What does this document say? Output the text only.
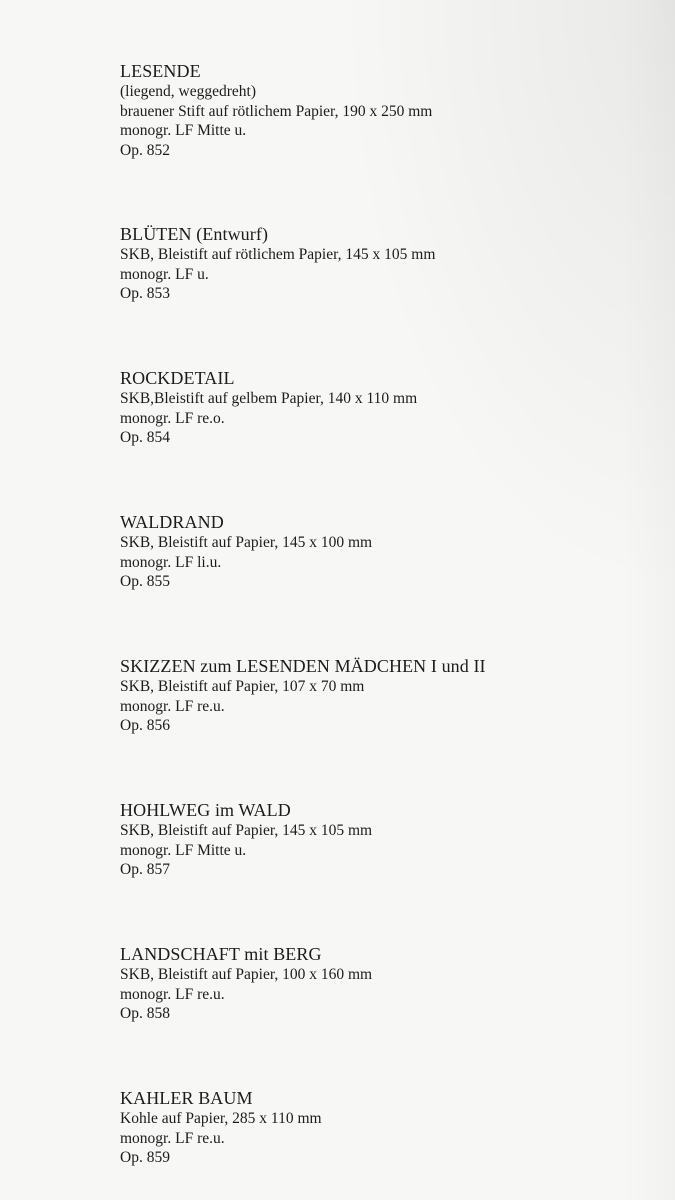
LESENDE
(liegend, weggedreht)
brauener Stift auf rötlichem Papier, 190 x 250 mm
monogr. LF Mitte u.
Op. 852
BLÜTEN (Entwurf)
SKB, Bleistift auf rötlichem Papier, 145 x 105 mm
monogr. LF u.
Op. 853
ROCKDETAIL
SKB,Bleistift auf gelbem Papier, 140 x 110 mm
monogr. LF re.o.
Op. 854
WALDRAND
SKB, Bleistift auf Papier, 145 x 100 mm
monogr. LF li.u.
Op. 855
SKIZZEN zum LESENDEN MÄDCHEN I und II
SKB, Bleistift auf Papier, 107 x 70 mm
monogr. LF re.u.
Op. 856
HOHLWEG im WALD
SKB, Bleistift auf Papier, 145 x 105 mm
monogr. LF Mitte u.
Op. 857
LANDSCHAFT mit BERG
SKB, Bleistift auf Papier, 100 x 160 mm
monogr. LF re.u.
Op. 858
KAHLER BAUM
Kohle auf Papier, 285 x 110 mm
monogr. LF re.u.
Op. 859
